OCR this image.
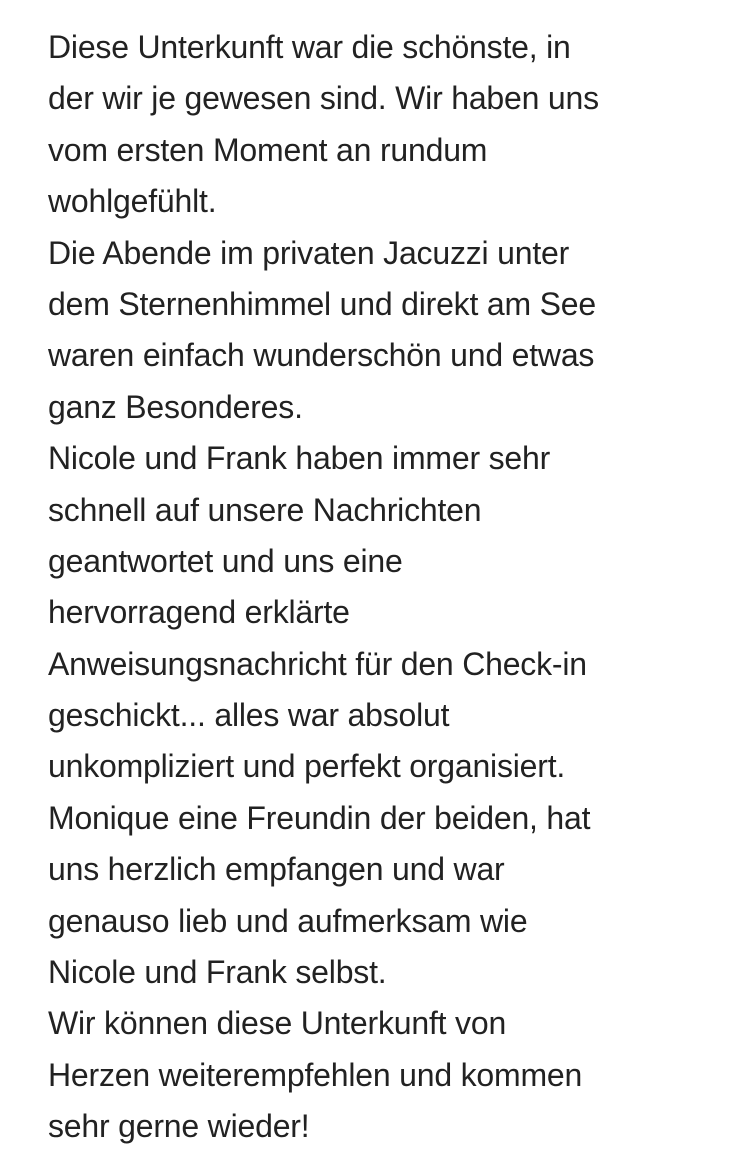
Diese Unterkunft war die schönste, in
der wir je gewesen sind. Wir haben uns
vom ersten Moment an rundum
wohlgefühlt.
Die Abende im privaten Jacuzzi unter
dem Sternenhimmel und direkt am See
waren einfach wunderschön und etwas
ganz Besonderes.
Nicole und Frank haben immer sehr
schnell auf unsere Nachrichten
geantwortet und uns eine
hervorragend erklärte
Anweisungsnachricht für den Check-in
geschickt... alles war absolut
unkompliziert und perfekt organisiert.
Monique eine Freundin der beiden, hat
uns herzlich empfangen und war
genauso lieb und aufmerksam wie
Nicole und Frank selbst.
Wir können diese Unterkunft von
Herzen weiterempfehlen und kommen
sehr gerne wieder!
